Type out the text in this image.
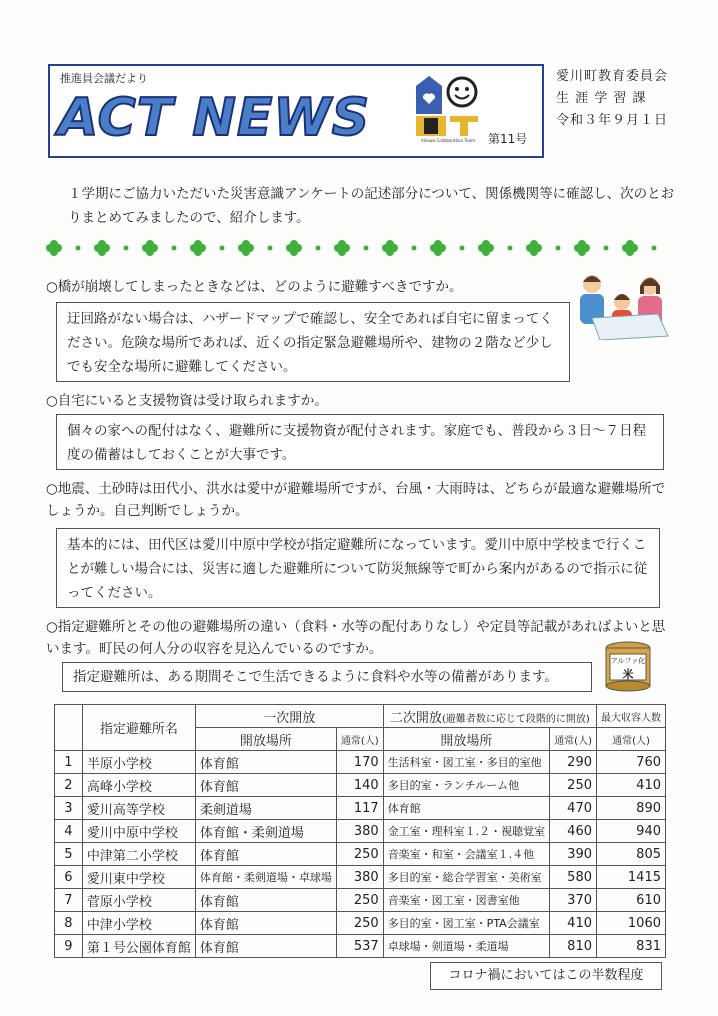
推進員会議だより
ACT NEWS	Aikawa Collaboration Team 第11号
愛川町教育委員会
生 涯 学 習 課
令和３年９月１日
１学期にご協力いただいた災害意識アンケートの記述部分について、関係機関等に確認し、次のとおりまとめてみましたので、紹介します。
○橋が崩壊してしまったときなどは、どのように避難すべきですか。
迂回路がない場合は、ハザードマップで確認し、安全であれば自宅に留まってください。危険な場所であれば、近くの指定緊急避難場所や、建物の２階など少しでも安全な場所に避難してください。
○自宅にいると支援物資は受け取られますか。
個々の家への配付はなく、避難所に支援物資が配付されます。家庭でも、普段から３日～７日程度の備蓄はしておくことが大事です。
○地震、土砂時は田代小、洪水は愛中が避難場所ですが、台風・大雨時は、どちらが最適な避難場所でしょうか。自己判断でしょうか。
基本的には、田代区は愛川中原中学校が指定避難所になっています。愛川中原中学校まで行くことが難しい場合には、災害に適した避難所について防災無線等で町から案内があるので指示に従ってください。
○指定避難所とその他の避難場所の違い（食料・水等の配付ありなし）や定員等記載があればよいと思います。町民の何人分の収容を見込んでいるのですか。
指定避難所は、ある期間そこで生活できるように食料や水等の備蓄があります。
アルファ化
米
	指定避難所名	一次開放		二次開放(避難者数に応じて段階的に開放)		最大収容人数
		開放場所	通常(人)	開放場所	通常(人)	通常(人)
1	半原小学校	体育館	170	生活科室・図工室・多目的室他	290	760
2	高峰小学校	体育館	140	多目的室・ランチルーム他	250	410
3	愛川高等学校	柔剣道場	117	体育館	470	890
4	愛川中原中学校	体育館・柔剣道場	380	金工室・理科室１.２・視聴覚室	460	940
5	中津第二小学校	体育館	250	音楽室・和室・会議室１.４他	390	805
6	愛川東中学校	体育館・柔剣道場・卓球場	380	多目的室・総合学習室・美術室	580	1415
7	菅原小学校	体育館	250	音楽室・図工室・図書室他	370	610
8	中津小学校	体育館	250	多目的室・図工室・PTA会議室	410	1060
9	第１号公園体育館	体育館	537	卓球場・剣道場・柔道場	810	831
コロナ禍においてはこの半数程度
